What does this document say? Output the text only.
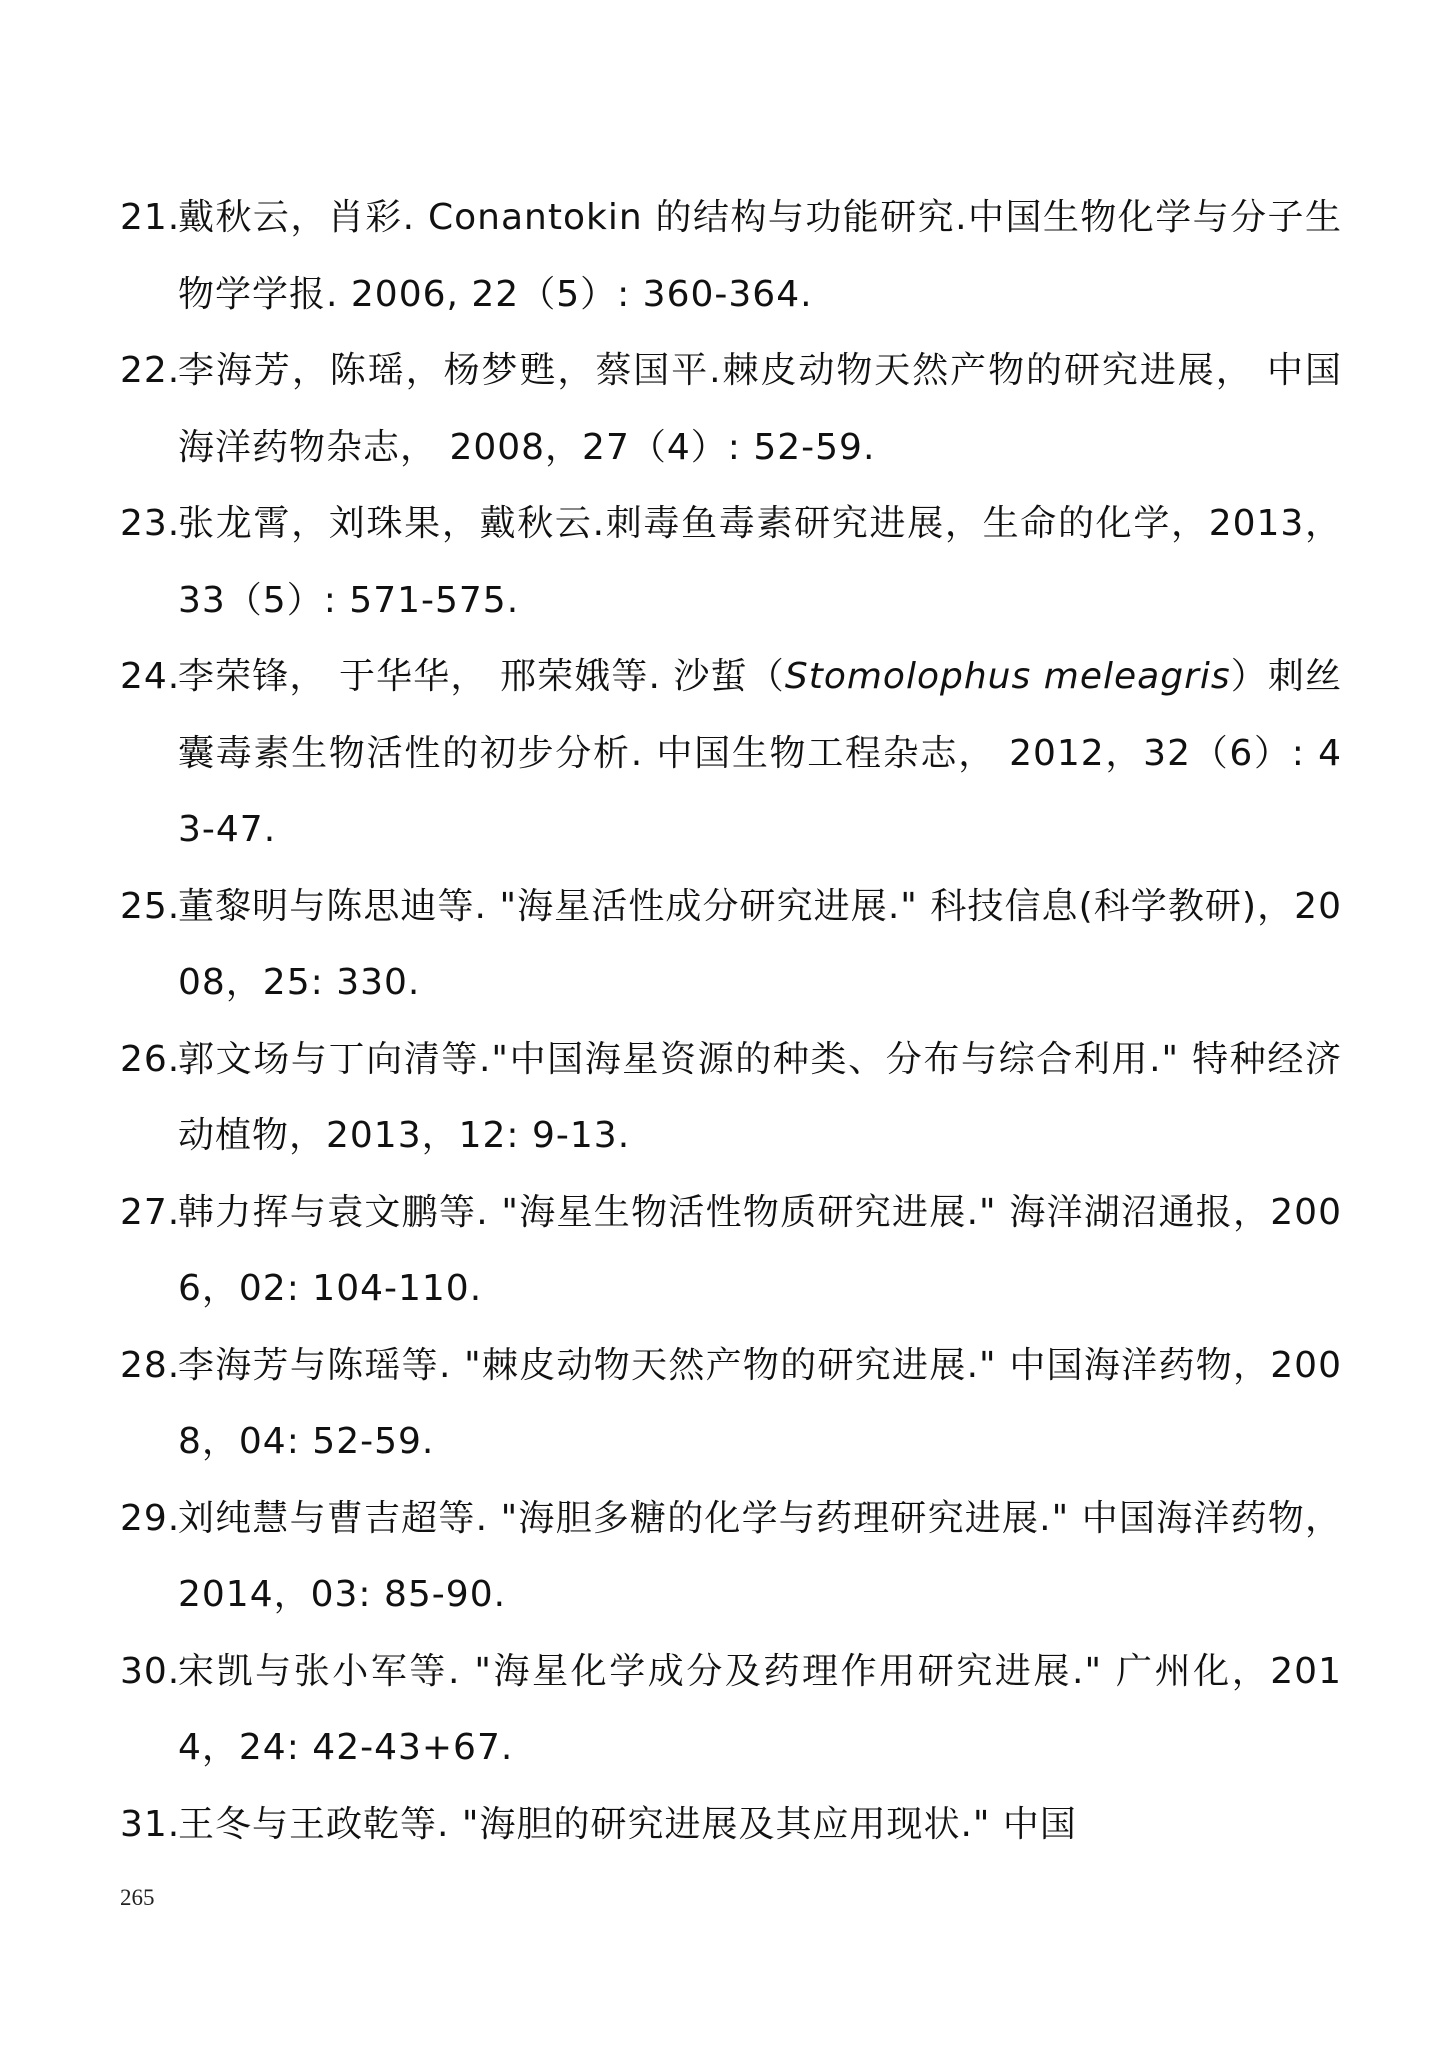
21.
戴秋云，肖彩. Conantokin 的结构与功能研究.中国生物化学与分子生物学学报. 2006, 22（5）: 360-364.
22.
李海芳，陈瑶，杨梦甦，蔡国平.棘皮动物天然产物的研究进展， 中国海洋药物杂志， 2008，27（4）: 52-59.
23.
张龙霄，刘珠果，戴秋云.刺毒鱼毒素研究进展，生命的化学，2013，33（5）: 571-575.
24.
李荣锋， 于华华， 邢荣娥等. 沙蜇（Stomolophus meleagris）刺丝囊毒素生物活性的初步分析. 中国生物工程杂志， 2012，32（6）: 43-47.
25.
董黎明与陈思迪等. "海星活性成分研究进展." 科技信息(科学教研)，2008，25: 330.
26.
郭文场与丁向清等."中国海星资源的种类、分布与综合利用." 特种经济动植物，2013，12: 9-13.
27.
韩力挥与袁文鹏等. "海星生物活性物质研究进展." 海洋湖沼通报，2006，02: 104-110.
28.
李海芳与陈瑶等. "棘皮动物天然产物的研究进展." 中国海洋药物，2008，04: 52-59.
29.
刘纯慧与曹吉超等. "海胆多糖的化学与药理研究进展." 中国海洋药物，2014，03: 85-90.
30.
宋凯与张小军等. "海星化学成分及药理作用研究进展." 广州化，2014，24: 42-43+67.
31.
王冬与王政乾等. "海胆的研究进展及其应用现状." 中国
265
